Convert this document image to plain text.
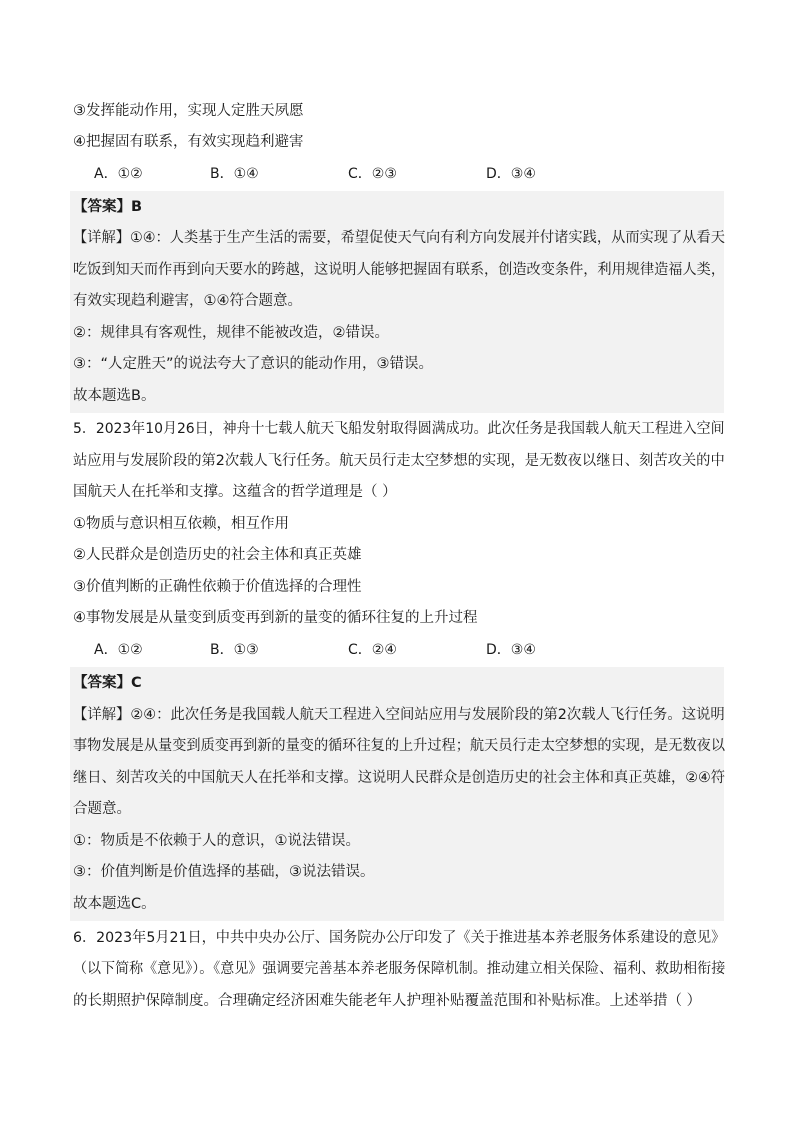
③发挥能动作用，实现人定胜天夙愿
④把握固有联系，有效实现趋利避害
A．①②	B．①④	C．②③	D．③④
【答案】B
【详解】①④：人类基于生产生活的需要，希望促使天气向有利方向发展并付诸实践，从而实现了从看天
吃饭到知天而作再到向天要水的跨越，这说明人能够把握固有联系，创造改变条件，利用规律造福人类，
有效实现趋利避害，①④符合题意。
②：规律具有客观性，规律不能被改造，②错误。
③：“人定胜天”的说法夸大了意识的能动作用，③错误。
故本题选B。
5．2023年10月26日，神舟十七载人航天飞船发射取得圆满成功。此次任务是我国载人航天工程进入空间
站应用与发展阶段的第2次载人飞行任务。航天员行走太空梦想的实现，是无数夜以继日、刻苦攻关的中
国航天人在托举和支撑。这蕴含的哲学道理是（ ）
①物质与意识相互依赖，相互作用
②人民群众是创造历史的社会主体和真正英雄
③价值判断的正确性依赖于价值选择的合理性
④事物发展是从量变到质变再到新的量变的循环往复的上升过程
A．①②	B．①③	C．②④	D．③④
【答案】C
【详解】②④：此次任务是我国载人航天工程进入空间站应用与发展阶段的第2次载人飞行任务。这说明
事物发展是从量变到质变再到新的量变的循环往复的上升过程；航天员行走太空梦想的实现，是无数夜以
继日、刻苦攻关的中国航天人在托举和支撑。这说明人民群众是创造历史的社会主体和真正英雄，②④符
合题意。
①：物质是不依赖于人的意识，①说法错误。
③：价值判断是价值选择的基础，③说法错误。
故本题选C。
6．2023年5月21日，中共中央办公厅、国务院办公厅印发了《关于推进基本养老服务体系建设的意见》
（以下简称《意见》）。《意见》强调要完善基本养老服务保障机制。推动建立相关保险、福利、救助相衔接
的长期照护保障制度。合理确定经济困难失能老年人护理补贴覆盖范围和补贴标准。上述举措（ ）
